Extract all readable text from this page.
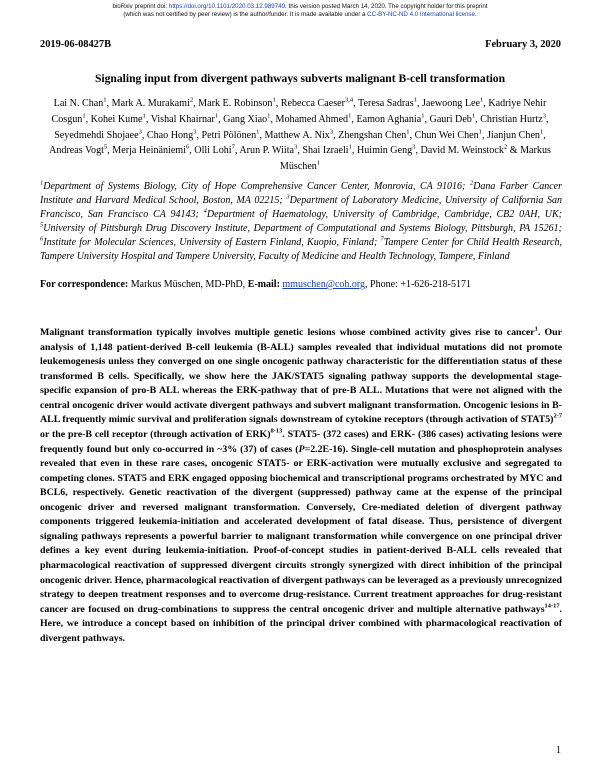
bioRxiv preprint doi: https://doi.org/10.1101/2020.03.12.989749. this version posted March 14, 2020. The copyright holder for this preprint
(which was not certified by peer review) is the author/funder. It is made available under a CC-BY-NC-ND 4.0 International license.
2019-06-08427B	February 3, 2020
Signaling input from divergent pathways subverts malignant B-cell transformation
Lai N. Chan$^1$, Mark A. Murakami$^2$, Mark E. Robinson$^1$, Rebecca Caeser$^{3,4}$, Teresa Sadras$^1$, Jaewoong Lee$^1$, Kadriye Nehir Cosgun$^1$, Kohei Kume$^1$, Vishal Khairnar$^1$, Gang Xiao$^1$, Mohamed Ahmed$^1$, Eamon Aghania$^1$, Gauri Deb$^1$, Christian Hurtz$^3$, Seyedmehdi Shojaee$^3$, Chao Hong$^3$, Petri Pölönen$^1$, Matthew A. Nix$^3$, Zhengshan Chen$^1$, Chun Wei Chen$^1$, Jianjun Chen$^1$, Andreas Vogt$^5$, Merja Heinäniemi$^6$, Olli Lohi$^7$, Arun P. Wiita$^3$, Shai Izraeli$^1$, Huimin Geng$^3$, David M. Weinstock$^2$ & Markus Müschen$^1$
$^1$Department of Systems Biology, City of Hope Comprehensive Cancer Center, Monrovia, CA 91016; $^2$Dana Farber Cancer Institute and Harvard Medical School, Boston, MA 02215; $^3$Department of Laboratory Medicine, University of California San Francisco, San Francisco CA 94143; $^4$Department of Haematology, University of Cambridge, Cambridge, CB2 0AH, UK; $^5$University of Pittsburgh Drug Discovery Institute, Department of Computational and Systems Biology, Pittsburgh, PA 15261; $^6$Institute for Molecular Sciences, University of Eastern Finland, Kuopio, Finland; $^7$Tampere Center for Child Health Research, Tampere University Hospital and Tampere University, Faculty of Medicine and Health Technology, Tampere, Finland
For correspondence: Markus Müschen, MD-PhD, E-mail: mmuschen@coh.org, Phone: +1-626-218-5171
Malignant transformation typically involves multiple genetic lesions whose combined activity gives rise to cancer$^1$. Our analysis of 1,148 patient-derived B-cell leukemia (B-ALL) samples revealed that individual mutations did not promote leukemogenesis unless they converged on one single oncogenic pathway characteristic for the differentiation status of these transformed B cells. Specifically, we show here the JAK/STAT5 signaling pathway supports the developmental stage-specific expansion of pro-B ALL whereas the ERK-pathway that of pre-B ALL. Mutations that were not aligned with the central oncogenic driver would activate divergent pathways and subvert malignant transformation. Oncogenic lesions in B-ALL frequently mimic survival and proliferation signals downstream of cytokine receptors (through activation of STAT5)$^{2-7}$ or the pre-B cell receptor (through activation of ERK)$^{8-13}$. STAT5- (372 cases) and ERK- (386 cases) activating lesions were frequently found but only co-occurred in ~3% (37) of cases (P=2.2E-16). Single-cell mutation and phosphoprotein analyses revealed that even in these rare cases, oncogenic STAT5- or ERK-activation were mutually exclusive and segregated to competing clones. STAT5 and ERK engaged opposing biochemical and transcriptional programs orchestrated by MYC and BCL6, respectively. Genetic reactivation of the divergent (suppressed) pathway came at the expense of the principal oncogenic driver and reversed malignant transformation. Conversely, Cre-mediated deletion of divergent pathway components triggered leukemia-initiation and accelerated development of fatal disease. Thus, persistence of divergent signaling pathways represents a powerful barrier to malignant transformation while convergence on one principal driver defines a key event during leukemia-initiation. Proof-of-concept studies in patient-derived B-ALL cells revealed that pharmacological reactivation of suppressed divergent circuits strongly synergized with direct inhibition of the principal oncogenic driver. Hence, pharmacological reactivation of divergent pathways can be leveraged as a previously unrecognized strategy to deepen treatment responses and to overcome drug-resistance. Current treatment approaches for drug-resistant cancer are focused on drug-combinations to suppress the central oncogenic driver and multiple alternative pathways$^{14-17}$. Here, we introduce a concept based on inhibition of the principal driver combined with pharmacological reactivation of divergent pathways.
1
